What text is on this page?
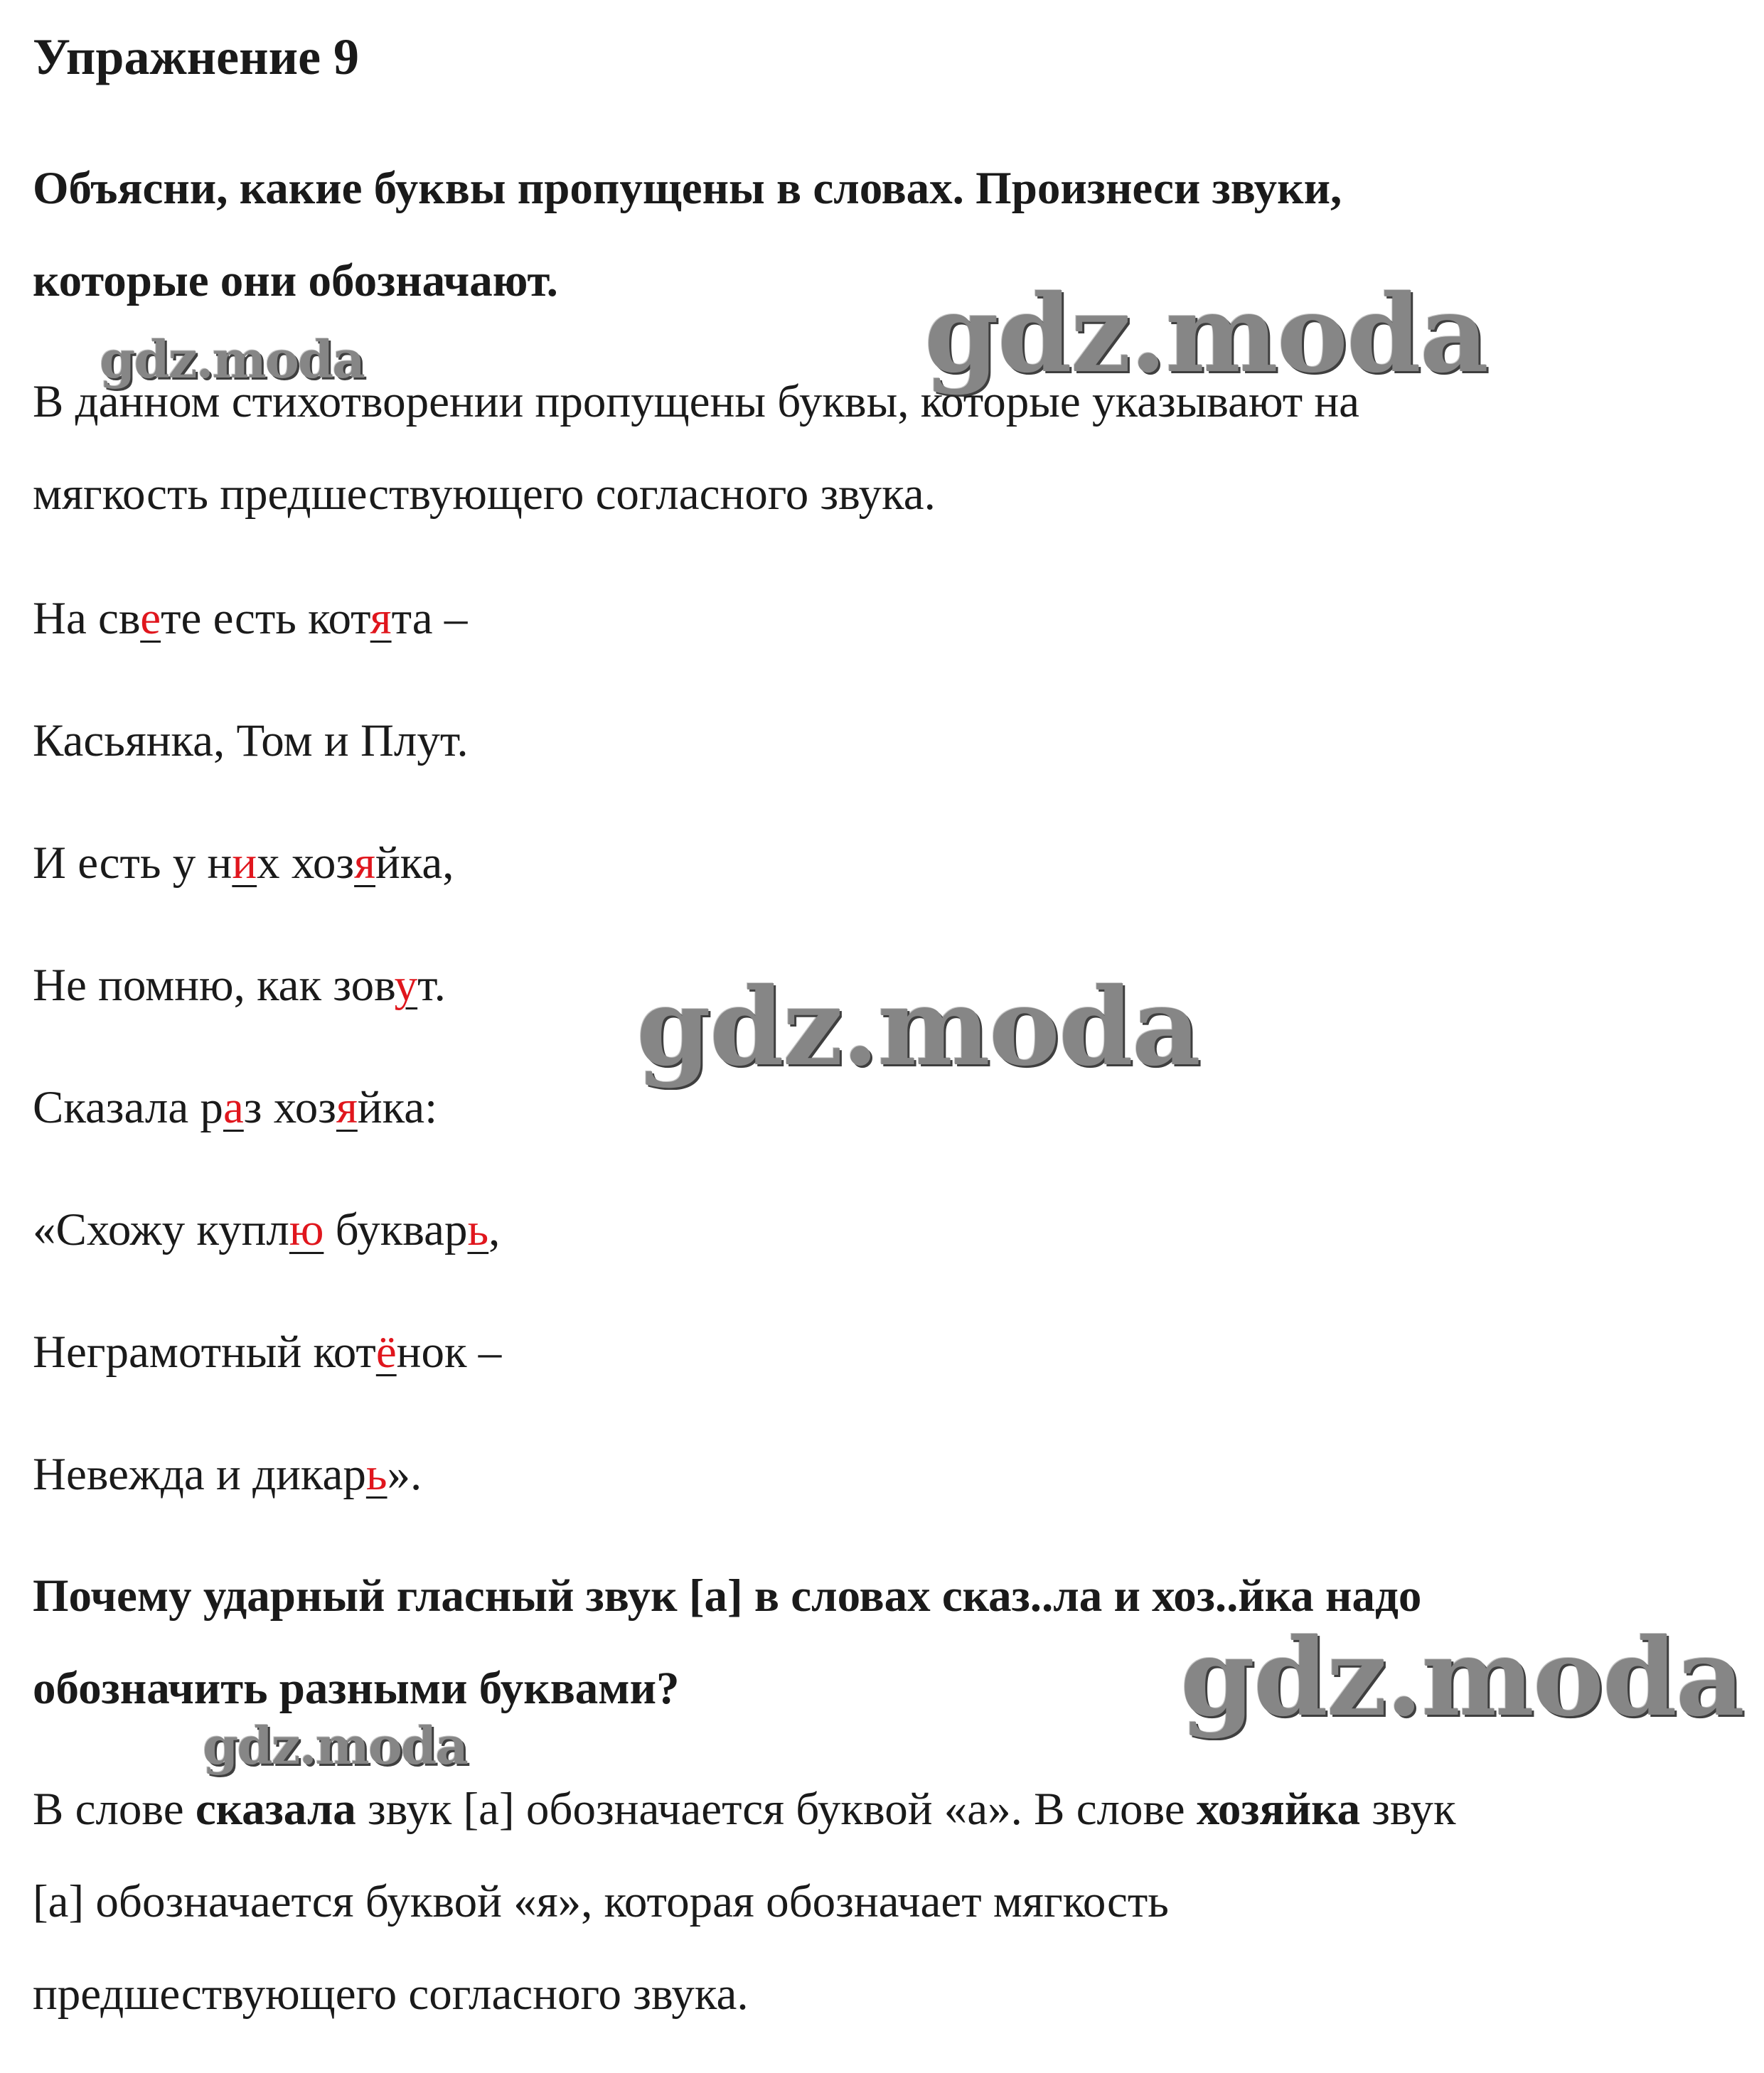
Упражнение 9
Объясни, какие буквы пропущены в словах. Произнеси звуки,
которые они обозначают.
В данном стихотворении пропущены буквы, которые указывают на
мягкость предшествующего согласного звука.
На свете есть котята –
Касьянка, Том и Плут.
И есть у них хозяйка,
Не помню, как зовут.
Сказала раз хозяйка:
«Схожу куплю букварь,
Неграмотный котёнок –
Невежда и дикарь».
Почему ударный гласный звук [а] в словах сказ..ла и хоз..йка надо
обозначить разными буквами?
В слове сказала звук [а] обозначается буквой «а». В слове хозяйка звук
[а] обозначается буквой «я», которая обозначает мягкость
предшествующего согласного звука.
gdz.moda
gdz.moda
gdz.moda
gdz.moda
gdz.moda
